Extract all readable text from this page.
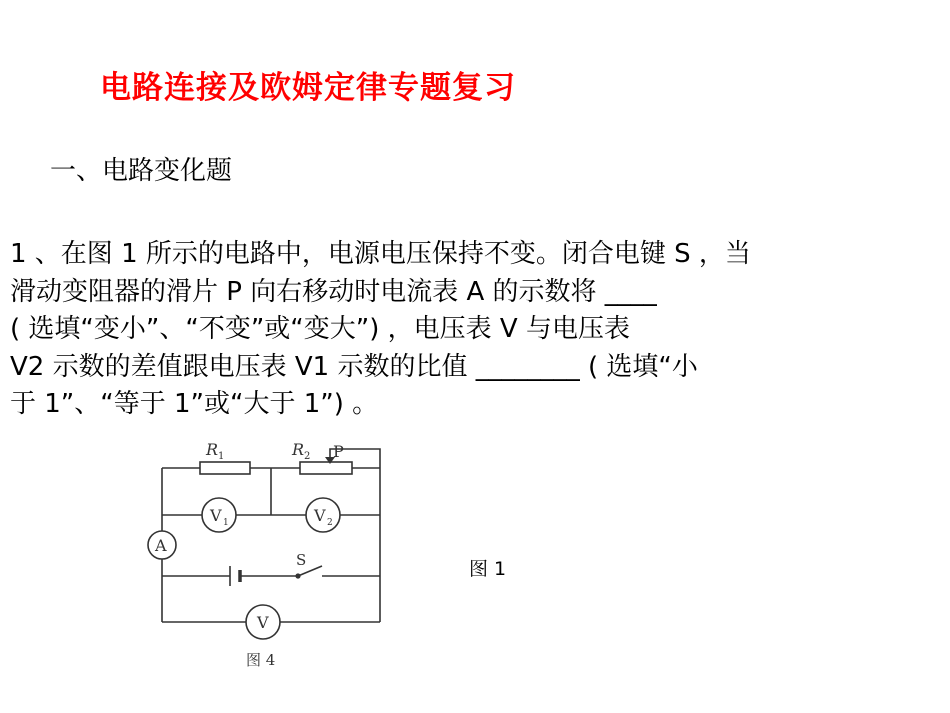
电路连接及欧姆定律专题复习
一、电路变化题
1 、在图 1 所示的电路中，电源电压保持不变。闭合电键 S ，当
滑动变阻器的滑片 P 向右移动时电流表 A 的示数将 ____
( 选填“变小”、“不变”或“变大”) ，电压表 V 与电压表
V2 示数的差值跟电压表 V1 示数的比值 ________ ( 选填“小
于 1”、“等于 1”或“大于 1”) 。
R 1	R 2 P
S
A
V 1	V 2
V
图 4
图 1
